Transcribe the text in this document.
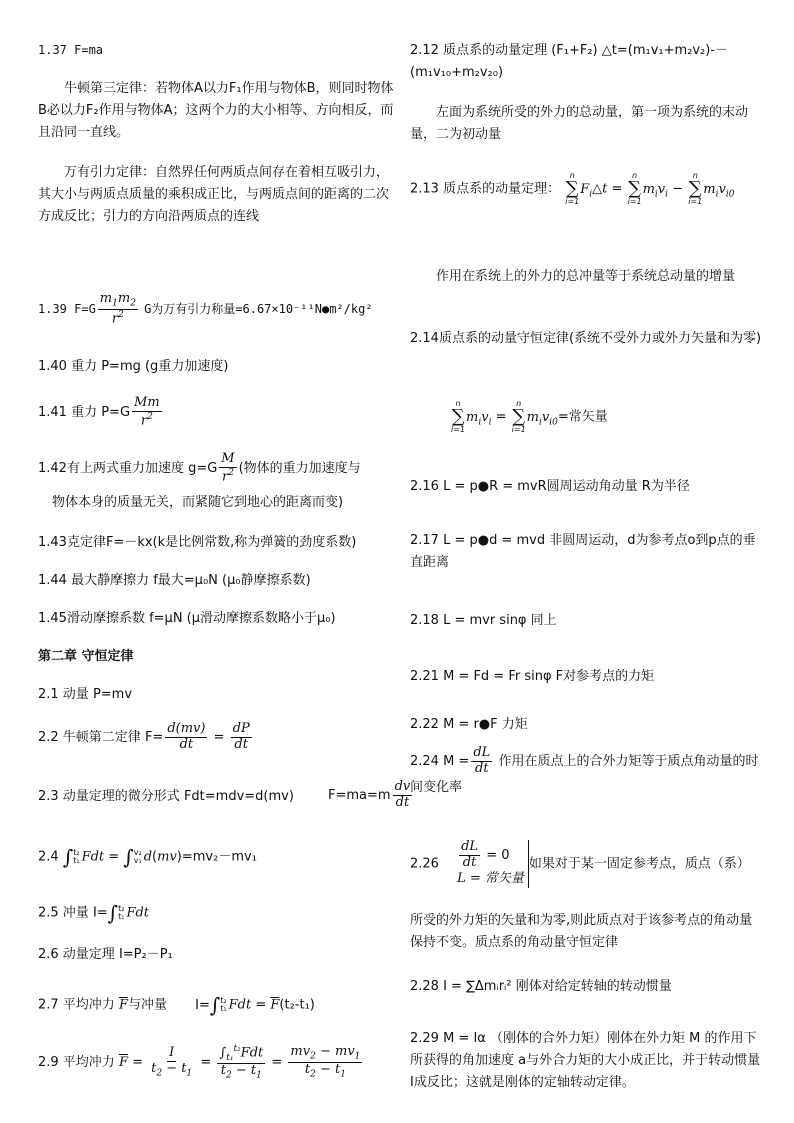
1.37 F=ma
牛顿第三定律：若物体A以力F₁作用与物体B，则同时物体B必以力F₂作用与物体A；这两个力的大小相等、方向相反，而且沿同一直线。
万有引力定律：自然界任何两质点间存在着相互吸引力，其大小与两质点质量的乘积成正比，与两质点间的距离的二次方成反比；引力的方向沿两质点的连线
1.39 $F=G \frac{m_1m_2}{r^2}$ G为万有引力称量=6.67×10⁻¹¹N●m²/kg²
1.40 重力 P=mg (g重力加速度)
1.41 重力 $P=G \frac{Mm}{r^2}$
1.42有上两式重力加速度 $g=G \frac{M}{r^2}$ (物体的重力加速度与
物体本身的质量无关，而紧随它到地心的距离而变)
1.43克定律F=－kx(k是比例常数,称为弹簧的劲度系数)
1.44 最大静摩擦力 f最大=μ₀N (μ₀静摩擦系数)
1.45滑动摩擦系数 f=μN (μ滑动摩擦系数略小于μ₀)
第二章 守恒定律
2.1 动量 P=mv
2.2 牛顿第二定律 $F= \frac{d(mv)}{dt} = \frac{dP}{dt}$
2.3 动量定理的微分形式 Fdt=mdv=d(mv)	$F=ma=m \frac{dv}{dt}$
2.4 ∫ t₂
t₁ Fdt = ∫ v₂
v₁ d(mv)=mv₂－mv₁
2.5 冲量 I=∫ t₂
t₁ Fdt
2.6 动量定理 I=P₂－P₁
2.7 平均冲力 $\overline{F}$与冲量 I=∫ t₂
t₁ Fdt = $\overline{F}(t_2-t_1)$
2.9 平均冲力 $\overline{F} = \frac{I}{t_2 - t_1} = \frac{\int_{t_1}^{t_2}Fdt}{t_2 - t_1} = \frac{mv_2 - mv_1}{t_2 - t_1}$
2.12 质点系的动量定理 (F₁+F₂) △t=(m₁v₁+m₂v₂)-－(m₁v₁₀+m₂v₂₀)
左面为系统所受的外力的总动量，第一项为系统的末动量，二为初动量
2.13 质点系的动量定理：
n
∑
i=1
$F_i\triangle t$ =
n
∑
i=1
$m_iv_i$ −
n
∑
i=1
$m_iv_{i0}$
作用在系统上的外力的总冲量等于系统总动量的增量
2.14质点系的动量守恒定律(系统不受外力或外力矢量和为零)
n
∑
i=1
$m_iv_i$ =
n
∑
i=1
$m_iv_{i0}=$常矢量
2.16 L = p●R = mvR圆周运动角动量 R为半径
2.17 L = p●d = mvd 非圆周运动，d为参考点o到p点的垂直距离
2.18 L = mvr sinφ 同上
2.21 M = Fd = Fr sinφ F对参考点的力矩
2.22 M = r●F 力矩
2.24 $M = \frac{dL}{dt}$ 作用在质点上的合外力矩等于质点角动量的时间变化率
$2.26 \frac{dL}{dt} = 0$
L = 常矢量
如果对于某一固定参考点，质点（系）
所受的外力矩的矢量和为零,则此质点对于该参考点的角动量保持不变。质点系的角动量守恒定律
2.28 I = ∑Δmᵢrᵢ² 刚体对给定转轴的转动惯量
2.29 M = Iα （刚体的合外力矩）刚体在外力矩 M 的作用下所获得的角加速度 a与外合力矩的大小成正比，并于转动惯量 I成反比；这就是刚体的定轴转动定律。
